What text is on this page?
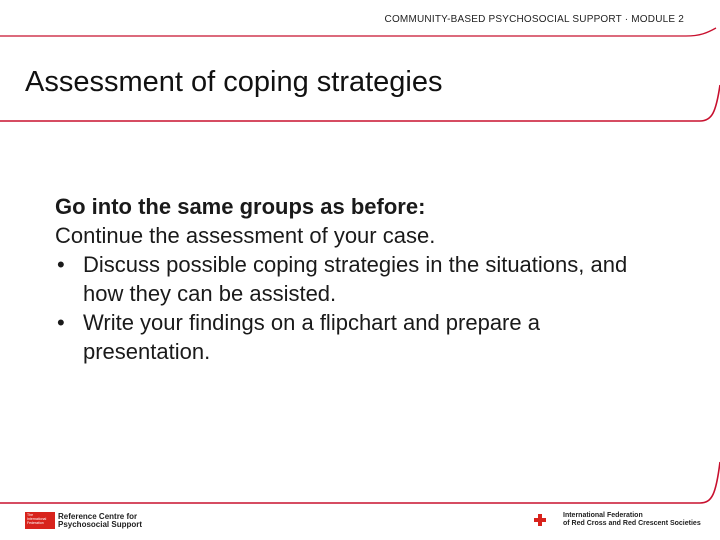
COMMUNITY-BASED PSYCHOSOCIAL SUPPORT · MODULE 2
Assessment of coping strategies

Go into the same groups as before:

Continue the assessment of your case.

• Discuss possible coping strategies in the situations, and how they can be assisted.
• Write your findings on a flipchart and prepare a presentation.
The
International
Federation
Reference Centre for
Psychosocial Support
International Federation
of Red Cross and Red Crescent Societies
